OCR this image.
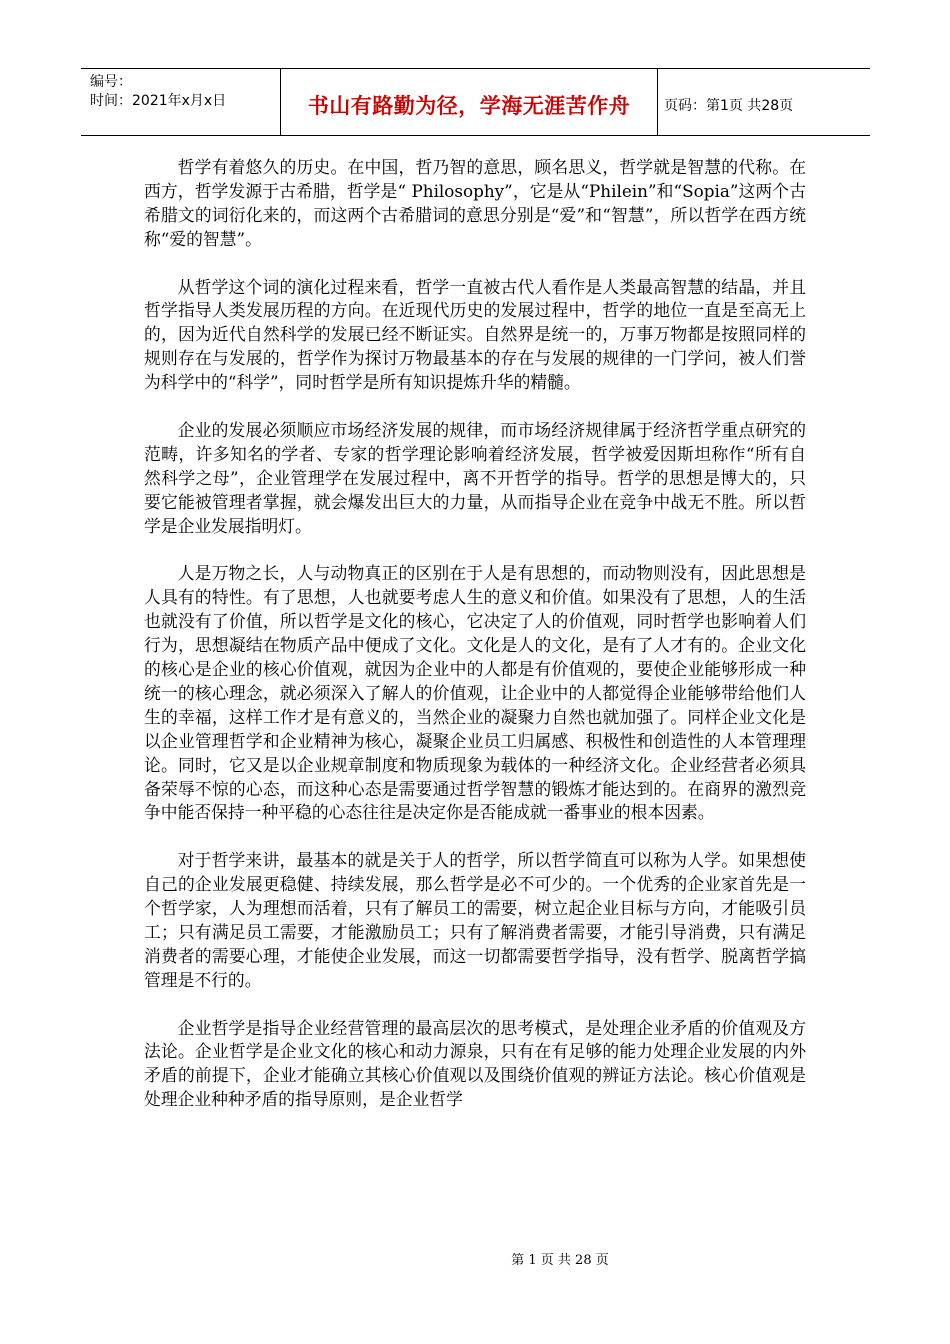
编号：
时间：2021年x月x日	书山有路勤为径，学海无涯苦作舟 页码：第1页 共28页

哲学有着悠久的历史。在中国，哲乃智的意思，顾名思义，哲学就是智慧的代称。在西方，哲学发源于古希腊，哲学是“ Philosophy”，它是从“Philein”和“Sopia”这两个古希腊文的词衍化来的，而这两个古希腊词的意思分别是“爱”和“智慧”，所以哲学在西方统称“爱的智慧”。

从哲学这个词的演化过程来看，哲学一直被古代人看作是人类最高智慧的结晶，并且哲学指导人类发展历程的方向。在近现代历史的发展过程中，哲学的地位一直是至高无上的，因为近代自然科学的发展已经不断证实。自然界是统一的，万事万物都是按照同样的规则存在与发展的，哲学作为探讨万物最基本的存在与发展的规律的一门学问，被人们誉为科学中的“科学”，同时哲学是所有知识提炼升华的精髓。

企业的发展必须顺应市场经济发展的规律，而市场经济规律属于经济哲学重点研究的范畴，许多知名的学者、专家的哲学理论影响着经济发展，哲学被爱因斯坦称作“所有自然科学之母”，企业管理学在发展过程中，离不开哲学的指导。哲学的思想是博大的，只要它能被管理者掌握，就会爆发出巨大的力量，从而指导企业在竞争中战无不胜。所以哲学是企业发展指明灯。

人是万物之长，人与动物真正的区别在于人是有思想的，而动物则没有，因此思想是人具有的特性。有了思想，人也就要考虑人生的意义和价值。如果没有了思想，人的生活也就没有了价值，所以哲学是文化的核心，它决定了人的价值观，同时哲学也影响着人们行为，思想凝结在物质产品中便成了文化。文化是人的文化，是有了人才有的。企业文化的核心是企业的核心价值观，就因为企业中的人都是有价值观的，要使企业能够形成一种统一的核心理念，就必须深入了解人的价值观，让企业中的人都觉得企业能够带给他们人生的幸福，这样工作才是有意义的，当然企业的凝聚力自然也就加强了。同样企业文化是以企业管理哲学和企业精神为核心，凝聚企业员工归属感、积极性和创造性的人本管理理论。同时，它又是以企业规章制度和物质现象为载体的一种经济文化。企业经营者必须具备荣辱不惊的心态，而这种心态是需要通过哲学智慧的锻炼才能达到的。在商界的激烈竞争中能否保持一种平稳的心态往往是决定你是否能成就一番事业的根本因素。

对于哲学来讲，最基本的就是关于人的哲学，所以哲学简直可以称为人学。如果想使自己的企业发展更稳健、持续发展，那么哲学是必不可少的。一个优秀的企业家首先是一个哲学家，人为理想而活着，只有了解员工的需要，树立起企业目标与方向，才能吸引员工；只有满足员工需要，才能激励员工；只有了解消费者需要，才能引导消费，只有满足消费者的需要心理，才能使企业发展，而这一切都需要哲学指导，没有哲学、脱离哲学搞管理是不行的。

企业哲学是指导企业经营管理的最高层次的思考模式，是处理企业矛盾的价值观及方法论。企业哲学是企业文化的核心和动力源泉，只有在有足够的能力处理企业发展的内外矛盾的前提下，企业才能确立其核心价值观以及围绕价值观的辨证方法论。核心价值观是处理企业种种矛盾的指导原则，是企业哲学

第 1 页 共 28 页
